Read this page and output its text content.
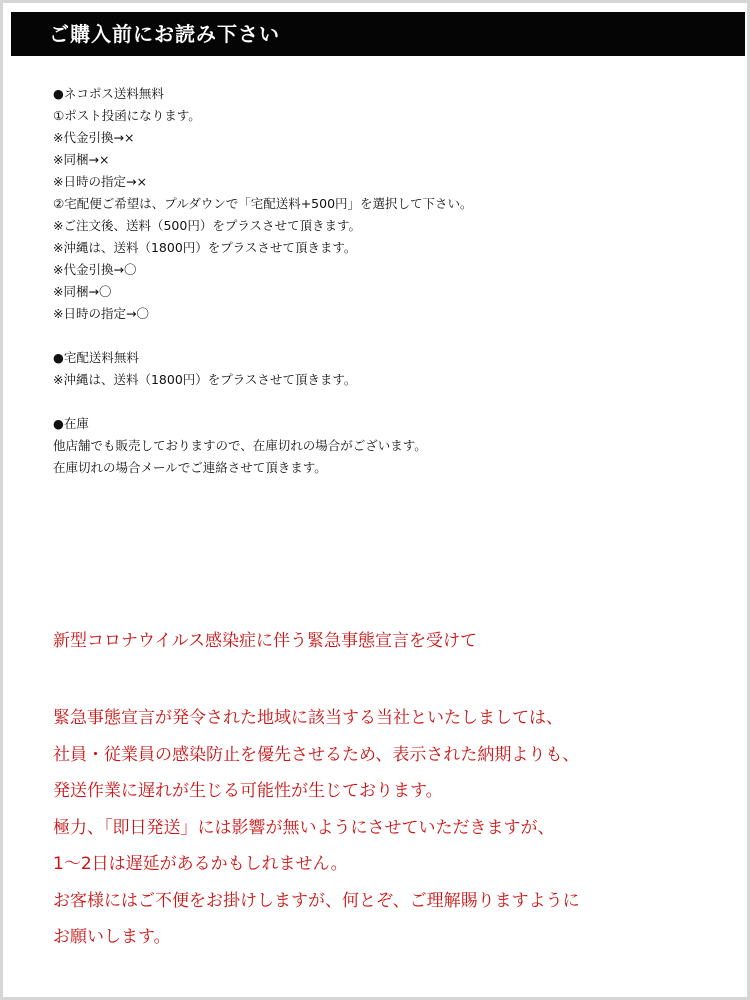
ご購入前にお読み下さい
●ネコポス送料無料
①ポスト投函になります。
※代金引換→×
※同梱→×
※日時の指定→×
②宅配便ご希望は、プルダウンで「宅配送料+500円」を選択して下さい。
※ご注文後、送料（500円）をプラスさせて頂きます。
※沖縄は、送料（1800円）をプラスさせて頂きます。
※代金引換→〇
※同梱→〇
※日時の指定→〇
●宅配送料無料
※沖縄は、送料（1800円）をプラスさせて頂きます。
●在庫
他店舗でも販売しておりますので、在庫切れの場合がございます。
在庫切れの場合メールでご連絡させて頂きます。
新型コロナウイルス感染症に伴う緊急事態宣言を受けて
緊急事態宣言が発令された地域に該当する当社といたしましては、
社員・従業員の感染防止を優先させるため、表示された納期よりも、
発送作業に遅れが生じる可能性が生じております。
極力、「即日発送」には影響が無いようにさせていただきますが、
1～2日は遅延があるかもしれません。
お客様にはご不便をお掛けしますが、何とぞ、ご理解賜りますように
お願いします。
